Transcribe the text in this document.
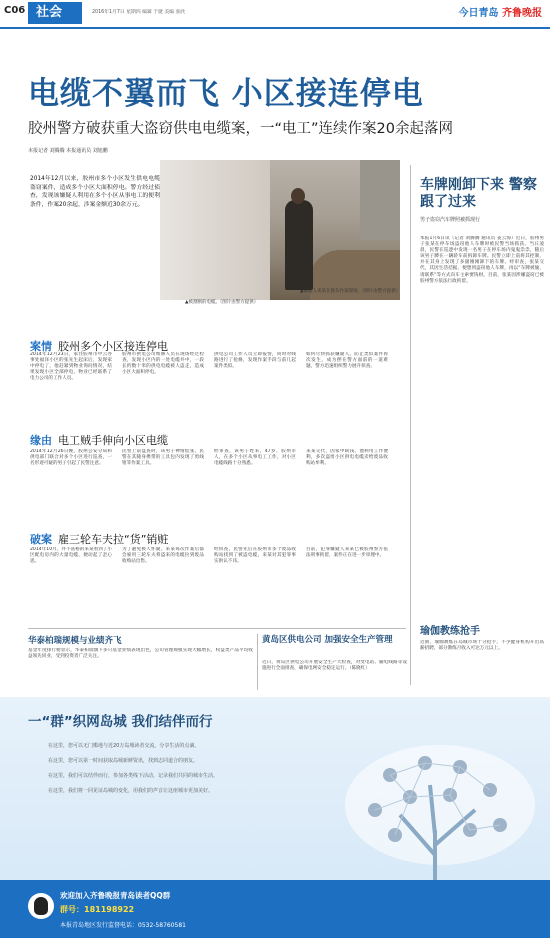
C06 社会	2016年1月7日 星期四 编辑 于捷 美编 张欣	今日青岛 齐鲁晚报
电缆不翼而飞 小区接连停电
胶州警方破获重大盗窃供电电缆案，一“电工”连续作案20余起落网
本报记者 刘腾腾 本报通讯员 刘旭鹏
2014年12月以来，胶州市多个小区发生供电电缆盗窃案件，造成多个小区大面积停电。警方经过侦查，发现该嫌疑人利用在多个小区从事电工的便利条件，作案20余起，涉案金额近30余万元。
▲被割断的电缆。（图片由警方提供）
▲嫌疑人来某在接头作案现场。（图片由警方提供）
案情 胶州多个小区接连停电
2014年12月23日，家住胶州市中云办事处福泽小区的张先生起床后，发现家中停电了，他赶紧到物业询问情况，结果发现小区全部停电，物业已经联系了电力公司的工作人员。
胶州市供电公司维修人员在现场经过检查，发现小区内的一处电缆井中，一段长约数十米的供电电缆被人盗走，造成小区大面积停电。
供电公司工作人员立即报警，同时对线路进行了抢修，发现作案手段与前几起案件类似。
如何尽快抓获嫌疑人、防止类似案件再次发生，成为摆在警方面前的一道难题。警方迅速组织警力展开侦查。
缘由 电工贼手伸向小区电缆
2014年12月26日晚，胶州公安分局和供电部门联合对多个小区进行巡查，一名形迹可疑的男子引起了民警注意。
民警上前盘查时，该男子神情慌张，民警在其随身携带的工具包内发现了剪线钳等作案工具。
经审查，该男子姓来，47岁，胶州市人，在多个小区从事电工工作，对小区电缆线路十分熟悉。
来某交代，因家中缺钱，他利用工作便利，多次盗剪小区供电电缆卖给废品收购站牟利。
破案 雇三轮车夫拉“货”销赃
2014年10月，并不富裕的来某看到了小区配电房内的大量电缆，便动起了歪心思。
为了避免被人怀疑，来某每次作案后都会雇用三轮车夫将盗来的电缆拉到废品收购站出售。
经侦查，民警先后在胶州市多个废品收购站找到了被盗电缆，来某对其犯罪事实供认不讳。
目前，犯罪嫌疑人来某已被胶州警方依法刑事拘留，案件正在进一步审理中。
车牌刚卸下来 警察跟了过来
男子盗窃汽车牌照被抓现行
本报1月6日讯（记者 刘腾腾 通讯员 姜云海）近日，胶州男子张某在停车场盗窃他人车牌时被民警当场抓获。当日凌晨，民警在巡逻中发现一名男子在停车场内鬼鬼祟祟，随后该男子蹲在一辆轿车前拆卸车牌。民警立即上前将其控制，并在其身上发现了多副刚刚卸下的车牌。经审查，张某交代，其因生活拮据，便想到盗窃他人车牌，再以“车牌被偷，请联系”等方式向车主索要钱财。目前，张某因涉嫌盗窃已被胶州警方依法行政拘留。
瑜伽教练抢手
近期，瑜伽教练在岛城市场十分抢手，不少健身机构开出高薪招聘，部分教练月收入可达万元以上。
华泰柏瑞规模与业绩齐飞
基金年度排行榜显示，华泰柏瑞旗下多只基金业绩表现出色，公司管理规模实现大幅增长，权益类产品平均收益领先同业，受到投资者广泛关注。
黄岛区供电公司 加强安全生产管理
近日，黄岛区供电公司开展安全生产大检查，对变电站、输电线路等设施进行全面排查，确保电网安全稳定运行。（陈晓红）
一“群”织网岛城 我们结伴而行

在这里，您可以无门槛地与近20万岛城读者交流，分享生活的点滴。

在这里，您可以第一时间获取岛城新鲜资讯，找到志同道合的朋友。

在这里，我们可以结伴而行，参加各类线下活动，记录我们共同的城市生活。

在这里，我们将一同见证岛城的变化，用我们的声音让这座城市更加美好。

欢迎加入齐鲁晚报青岛读者QQ群
群号：181198922
本报青岛地区发行监督电话：0532-58760581
